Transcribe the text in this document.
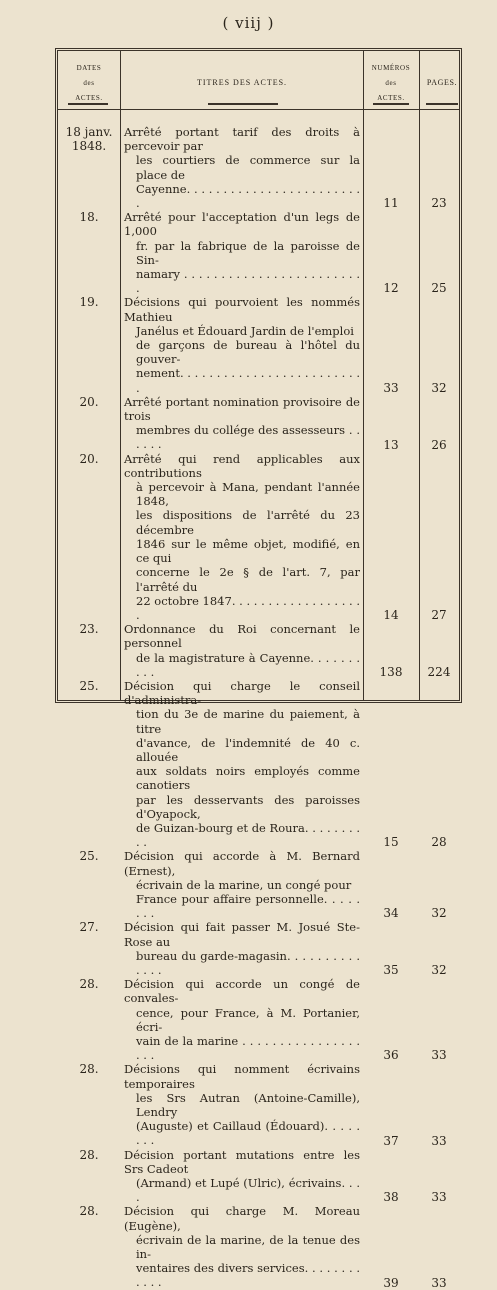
( viij )
DATES
des
ACTES.
TITRES DES ACTES.
NUMÉROS
des
ACTES.
PAGES.
18 janv. 1848.
Arrêté portant tarif des droits à percevoir par
les courtiers de commerce sur la place de
Cayenne. . . . . . . . . . . . . . . . . . . . . . . . .	11	23
18.	Arrêté pour l'acceptation d'un legs de 1,000
fr. par la fabrique de la paroisse de Sin-
namary . . . . . . . . . . . . . . . . . . . . . . . . .	12	25
19.	Décisions qui pourvoient les nommés Mathieu
Janélus et Édouard Jardin de l'emploi
de garçons de bureau à l'hôtel du gouver-
nement. . . . . . . . . . . . . . . . . . . . . . . . . .	33	32
20.	Arrêté portant nomination provisoire de trois
membres du collége des assesseurs . . . . . .	13	26
20.	Arrêté qui rend applicables aux contributions
à percevoir à Mana, pendant l'année 1848,
les dispositions de l'arrêté du 23 décembre
1846 sur le même objet, modifié, en ce qui
concerne le 2e § de l'art. 7, par l'arrêté du
22 octobre 1847. . . . . . . . . . . . . . . . . . .	14	27
23.	Ordonnance du Roi concernant le personnel
de la magistrature à Cayenne. . . . . . . . . .	138	224
25.	Décision qui charge le conseil d'administra-
tion du 3e de marine du paiement, à titre
d'avance, de l'indemnité de 40 c. allouée
aux soldats noirs employés comme canotiers
par les desservants des paroisses d'Oyapock,
de Guizan-bourg et de Roura. . . . . . . . . .	15	28
25.	Décision qui accorde à M. Bernard (Ernest),
écrivain de la marine, un congé pour
France pour affaire personnelle. . . . . . . .	34	32
27.	Décision qui fait passer M. Josué Ste-Rose au
bureau du garde-magasin. . . . . . . . . . . . . .	35	32
28.	Décision qui accorde un congé de convales-
cence, pour France, à M. Portanier, écri-
vain de la marine . . . . . . . . . . . . . . . . . . .	36	33
28.	Décisions qui nomment écrivains temporaires
les Srs Autran (Antoine-Camille), Lendry
(Auguste) et Caillaud (Édouard). . . . . . . .	37	33
28.	Décision portant mutations entre les Srs Cadeot
(Armand) et Lupé (Ulric), écrivains. . . .	38	33
28.	Décision qui charge M. Moreau (Eugène),
écrivain de la marine, de la tenue des in-
ventaires des divers services. . . . . . . . . . . .	39	33
